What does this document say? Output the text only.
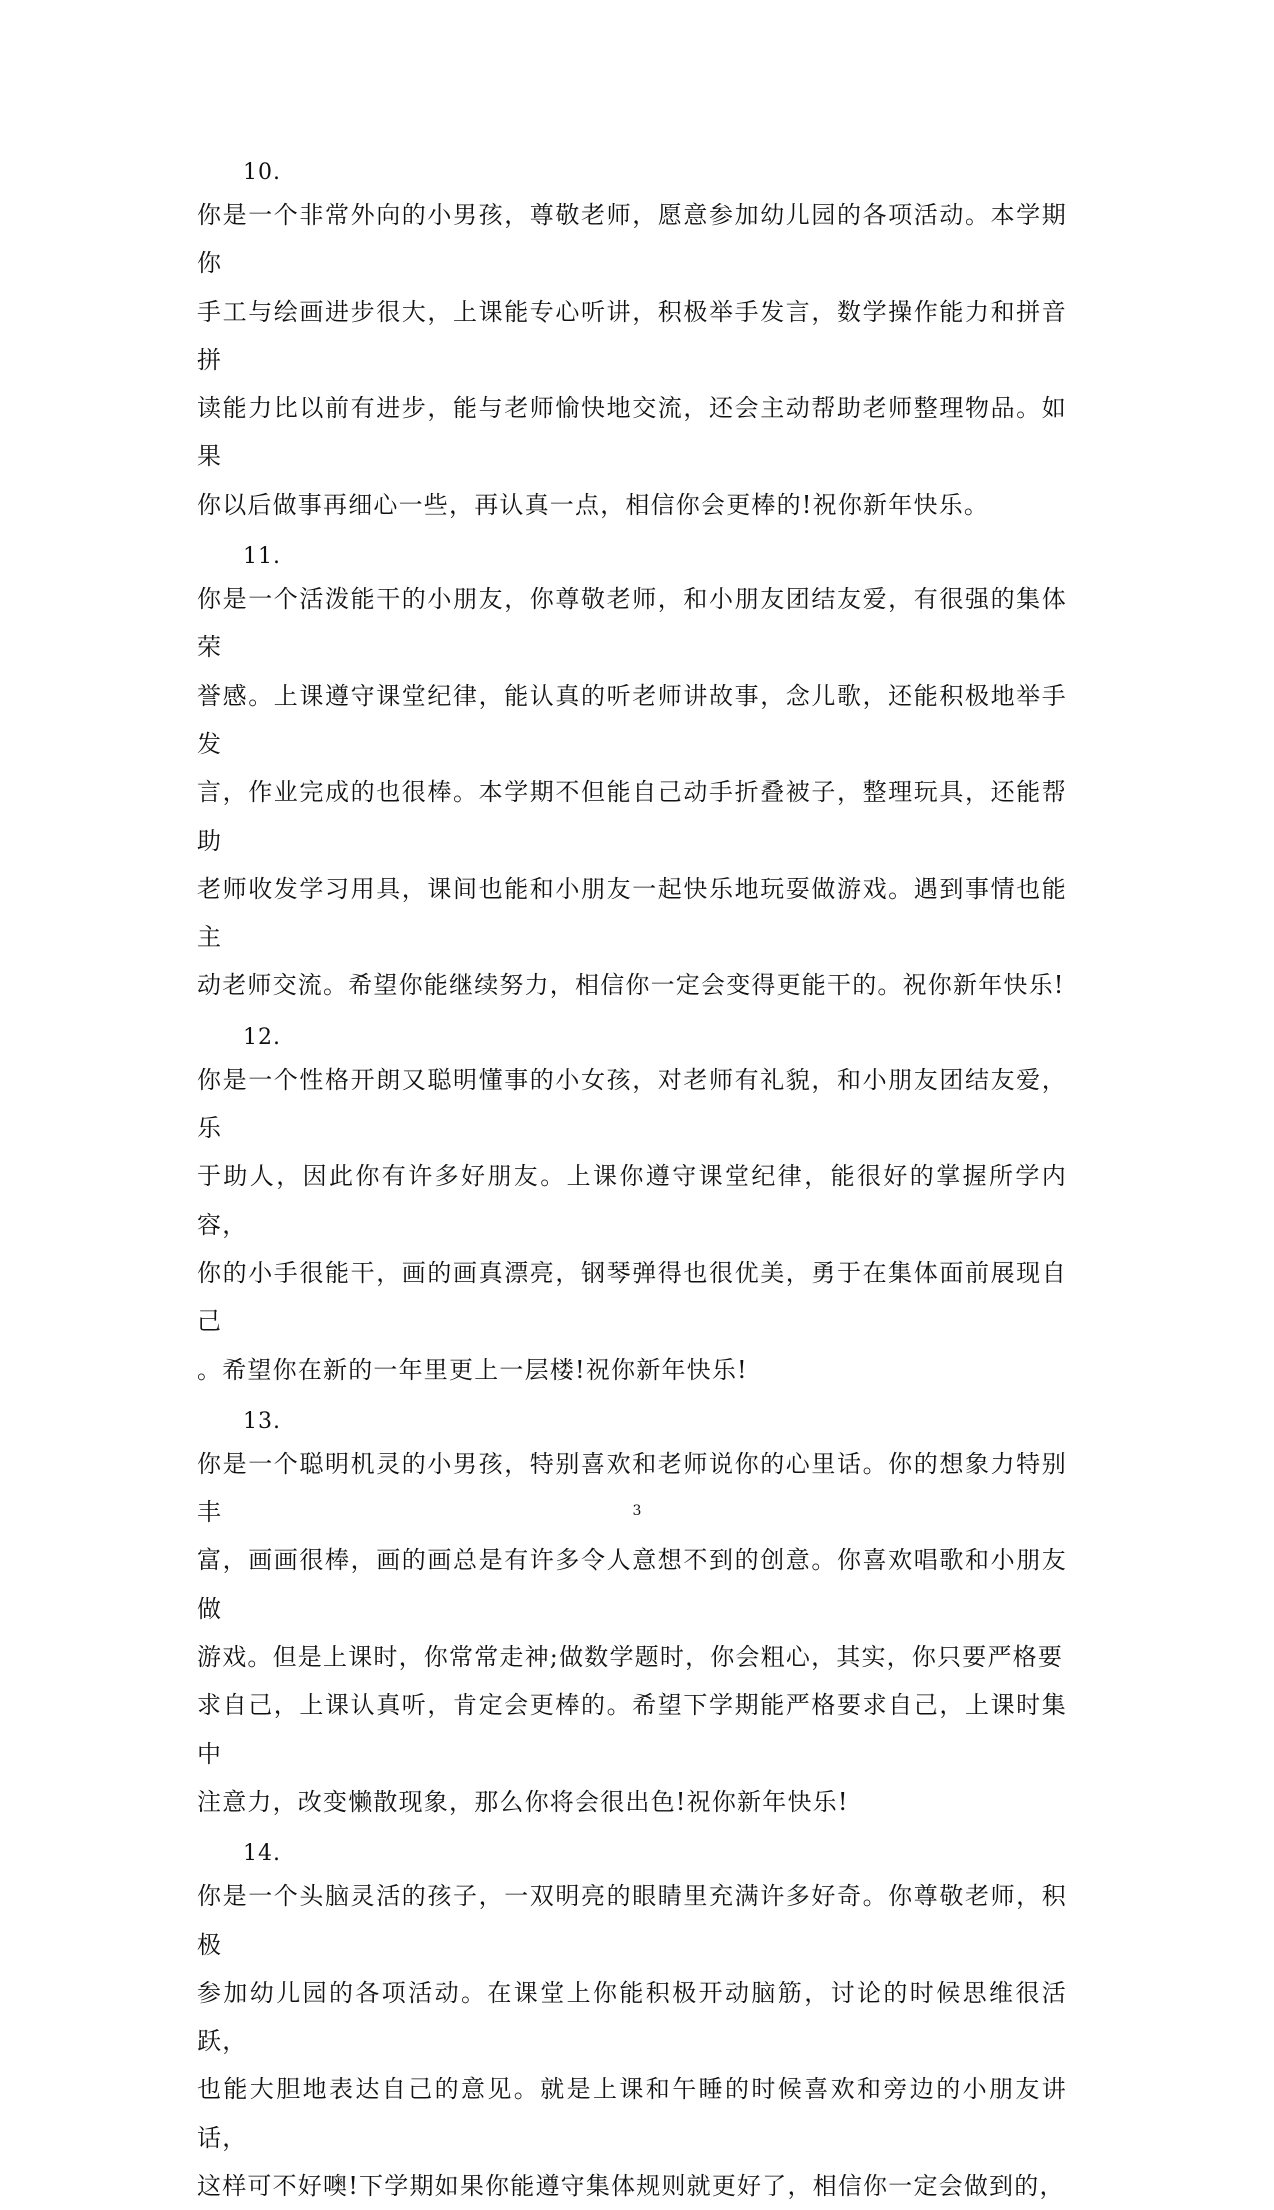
10.

你是一个非常外向的小男孩，尊敬老师，愿意参加幼儿园的各项活动。本学期你
手工与绘画进步很大，上课能专心听讲，积极举手发言，数学操作能力和拼音拼
读能力比以前有进步，能与老师愉快地交流，还会主动帮助老师整理物品。如果
你以后做事再细心一些，再认真一点，相信你会更棒的!祝你新年快乐。

11.

你是一个活泼能干的小朋友，你尊敬老师，和小朋友团结友爱，有很强的集体荣
誉感。上课遵守课堂纪律，能认真的听老师讲故事，念儿歌，还能积极地举手发
言，作业完成的也很棒。本学期不但能自己动手折叠被子，整理玩具，还能帮助
老师收发学习用具，课间也能和小朋友一起快乐地玩耍做游戏。遇到事情也能主
动老师交流。希望你能继续努力，相信你一定会变得更能干的。祝你新年快乐!

12.

你是一个性格开朗又聪明懂事的小女孩，对老师有礼貌，和小朋友团结友爱，乐
于助人，因此你有许多好朋友。上课你遵守课堂纪律，能很好的掌握所学内容，
你的小手很能干，画的画真漂亮，钢琴弹得也很优美，勇于在集体面前展现自己
。希望你在新的一年里更上一层楼!祝你新年快乐!

13.

你是一个聪明机灵的小男孩，特别喜欢和老师说你的心里话。你的想象力特别丰
富，画画很棒，画的画总是有许多令人意想不到的创意。你喜欢唱歌和小朋友做
游戏。但是上课时，你常常走神;做数学题时，你会粗心，其实，你只要严格要
求自己，上课认真听，肯定会更棒的。希望下学期能严格要求自己，上课时集中
注意力，改变懒散现象，那么你将会很出色!祝你新年快乐!

14.

你是一个头脑灵活的孩子，一双明亮的眼睛里充满许多好奇。你尊敬老师，积极
参加幼儿园的各项活动。在课堂上你能积极开动脑筋，讨论的时候思维很活跃，
也能大胆地表达自己的意见。就是上课和午睡的时候喜欢和旁边的小朋友讲话，
这样可不好噢!下学期如果你能遵守集体规则就更好了，相信你一定会做到的，

3
